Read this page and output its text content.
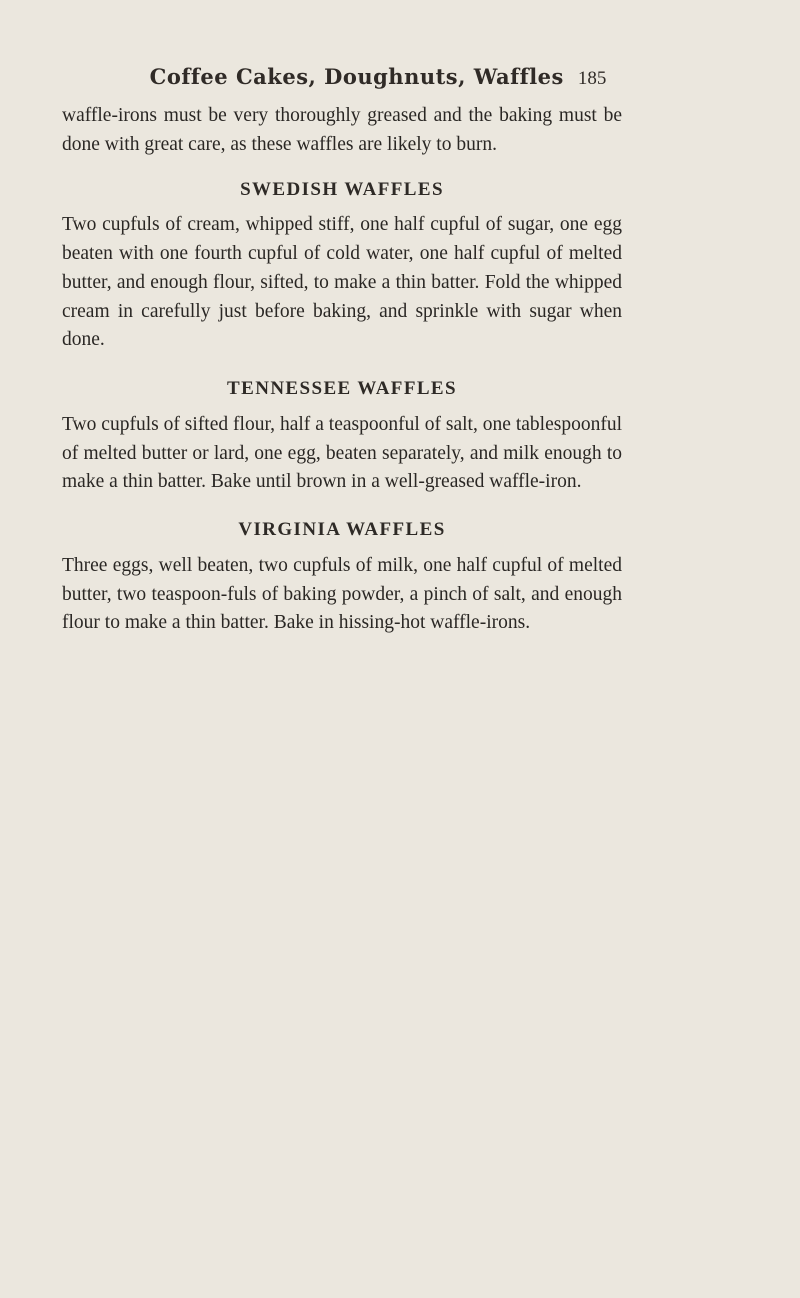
Coffee Cakes, Doughnuts, Waffles 185

waffle-irons must be very thoroughly greased and the baking must be done with great care, as these waffles are likely to burn.

SWEDISH WAFFLES

Two cupfuls of cream, whipped stiff, one half cupful of sugar, one egg beaten with one fourth cupful of cold water, one half cupful of melted butter, and enough flour, sifted, to make a thin batter. Fold the whipped cream in carefully just before baking, and sprinkle with sugar when done.

TENNESSEE WAFFLES

Two cupfuls of sifted flour, half a teaspoonful of salt, one tablespoonful of melted butter or lard, one egg, beaten separately, and milk enough to make a thin batter. Bake until brown in a well-greased waffle-iron.

VIRGINIA WAFFLES

Three eggs, well beaten, two cupfuls of milk, one half cupful of melted butter, two teaspoon-fuls of baking powder, a pinch of salt, and enough flour to make a thin batter. Bake in hissing-hot waffle-irons.
